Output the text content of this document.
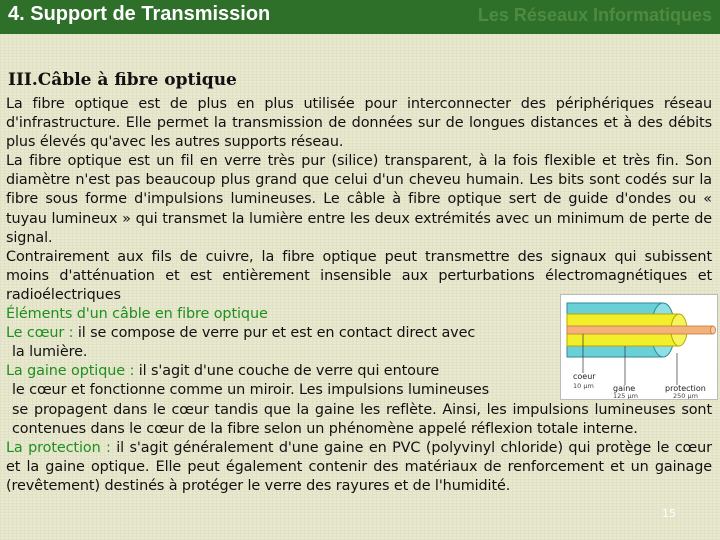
4. Support de Transmission	Les Réseaux Informatiques
III.Câble à fibre optique

La fibre optique est de plus en plus utilisée pour interconnecter des périphériques réseau d'infrastructure. Elle permet la transmission de données sur de longues distances et à des débits plus élevés qu'avec les autres supports réseau.

La fibre optique est un fil en verre très pur (silice) transparent, à la fois flexible et très fin. Son diamètre n'est pas beaucoup plus grand que celui d'un cheveu humain. Les bits sont codés sur la fibre sous forme d'impulsions lumineuses. Le câble à fibre optique sert de guide d'ondes ou « tuyau lumineux » qui transmet la lumière entre les deux extrémités avec un minimum de perte de signal.

Contrairement aux fils de cuivre, la fibre optique peut transmettre des signaux qui subissent moins d'atténuation et est entièrement insensible aux perturbations électromagnétiques et radioélectriques

Éléments d'un câble en fibre optique

Le cœur : il se compose de verre pur et est en contact direct avec

la lumière.

La gaine optique : il s'agit d'une couche de verre qui entoure

le cœur et fonctionne comme un miroir. Les impulsions lumineuses

se propagent dans le cœur tandis que la gaine les reflète. Ainsi, les impulsions lumineuses sont contenues dans le cœur de la fibre selon un phénomène appelé réflexion totale interne.

La protection : il s'agit généralement d'une gaine en PVC (polyvinyl chloride) qui protège le cœur et la gaine optique. Elle peut également contenir des matériaux de renforcement et un gainage (revêtement) destinés à protéger le verre des rayures et de l'humidité.

coeur
10 µm gaine
125 µm
protection
250 µm
15
